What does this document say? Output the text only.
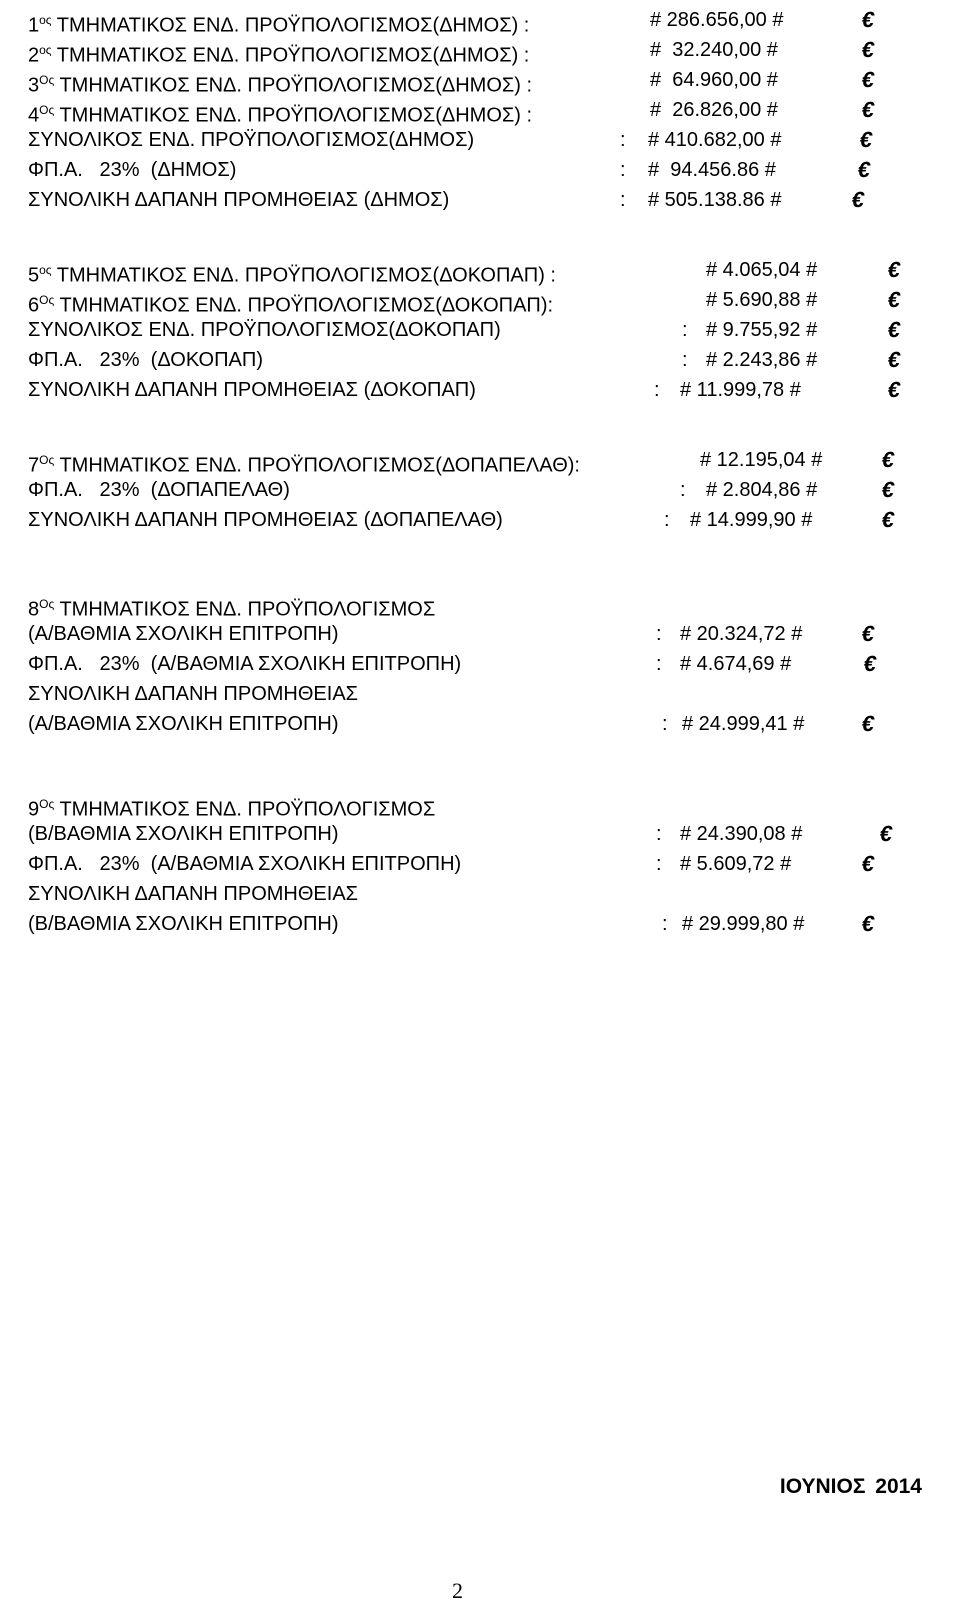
$1^{o\varsigma}$ ΤΜΗΜΑΤΙΚΟΣ ΕΝΔ. ΠΡΟΫΠΟΛΟΓΙΣΜΟΣ(ΔΗΜΟΣ) :	# 286.656,00 #	€
$2^{o\varsigma}$ ΤΜΗΜΑΤΙΚΟΣ ΕΝΔ. ΠΡΟΫΠΟΛΟΓΙΣΜΟΣ(ΔΗΜΟΣ) :	#  32.240,00 #	€
$3^{O\varsigma}$ ΤΜΗΜΑΤΙΚΟΣ ΕΝΔ. ΠΡΟΫΠΟΛΟΓΙΣΜΟΣ(ΔΗΜΟΣ) :	#  64.960,00 #	€
$4^{O\varsigma}$ ΤΜΗΜΑΤΙΚΟΣ ΕΝΔ. ΠΡΟΫΠΟΛΟΓΙΣΜΟΣ(ΔΗΜΟΣ) :	#  26.826,00 #	€
ΣΥΝΟΛΙΚΟΣ ΕΝΔ. ΠΡΟΫΠΟΛΟΓΙΣΜΟΣ(ΔΗΜΟΣ)	: # 410.682,00 #	€
ΦΠ.Α.   23%  (ΔΗΜΟΣ)	: #  94.456.86 #	€
ΣΥΝΟΛΙΚΗ ΔΑΠΑΝΗ ΠΡΟΜΗΘΕΙΑΣ (ΔΗΜΟΣ)	: # 505.138.86 #	€
$5^{o\varsigma}$ ΤΜΗΜΑΤΙΚΟΣ ΕΝΔ. ΠΡΟΫΠΟΛΟΓΙΣΜΟΣ(ΔΟΚΟΠΑΠ) :	# 4.065,04 #	€
$6^{O\varsigma}$ ΤΜΗΜΑΤΙΚΟΣ ΕΝΔ. ΠΡΟΫΠΟΛΟΓΙΣΜΟΣ(ΔΟΚΟΠΑΠ):	# 5.690,88 #	€
ΣΥΝΟΛΙΚΟΣ ΕΝΔ. ΠΡΟΫΠΟΛΟΓΙΣΜΟΣ(ΔΟΚΟΠΑΠ)	: # 9.755,92 #	€
ΦΠ.Α.   23%  (ΔΟΚΟΠΑΠ)	: # 2.243,86 #	€
ΣΥΝΟΛΙΚΗ ΔΑΠΑΝΗ ΠΡΟΜΗΘΕΙΑΣ (ΔΟΚΟΠΑΠ)	: # 11.999,78 #	€
$7^{O\varsigma}$ ΤΜΗΜΑΤΙΚΟΣ ΕΝΔ. ΠΡΟΫΠΟΛΟΓΙΣΜΟΣ(ΔΟΠΑΠΕΛΑΘ):	# 12.195,04 #	€
ΦΠ.Α.   23%  (ΔΟΠΑΠΕΛΑΘ)	: # 2.804,86 #	€
ΣΥΝΟΛΙΚΗ ΔΑΠΑΝΗ ΠΡΟΜΗΘΕΙΑΣ (ΔΟΠΑΠΕΛΑΘ)	: # 14.999,90 #	€
$8^{O\varsigma}$ ΤΜΗΜΑΤΙΚΟΣ ΕΝΔ. ΠΡΟΫΠΟΛΟΓΙΣΜΟΣ
(Α/ΒΑΘΜΙΑ ΣΧΟΛΙΚΗ ΕΠΙΤΡΟΠΗ)	: # 20.324,72 #	€
ΦΠ.Α.   23%  (Α/ΒΑΘΜΙΑ ΣΧΟΛΙΚΗ ΕΠΙΤΡΟΠΗ)	: # 4.674,69 #	€
ΣΥΝΟΛΙΚΗ ΔΑΠΑΝΗ ΠΡΟΜΗΘΕΙΑΣ
(Α/ΒΑΘΜΙΑ ΣΧΟΛΙΚΗ ΕΠΙΤΡΟΠΗ)	: # 24.999,41 #	€
$9^{O\varsigma}$ ΤΜΗΜΑΤΙΚΟΣ ΕΝΔ. ΠΡΟΫΠΟΛΟΓΙΣΜΟΣ
(Β/ΒΑΘΜΙΑ ΣΧΟΛΙΚΗ ΕΠΙΤΡΟΠΗ)	: # 24.390,08 #	€
ΦΠ.Α.   23%  (Α/ΒΑΘΜΙΑ ΣΧΟΛΙΚΗ ΕΠΙΤΡΟΠΗ)	: # 5.609,72 #	€
ΣΥΝΟΛΙΚΗ ΔΑΠΑΝΗ ΠΡΟΜΗΘΕΙΑΣ
(Β/ΒΑΘΜΙΑ ΣΧΟΛΙΚΗ ΕΠΙΤΡΟΠΗ)	: # 29.999,80 #	€
ΙΟΥΝΙΟΣ 2014
2
